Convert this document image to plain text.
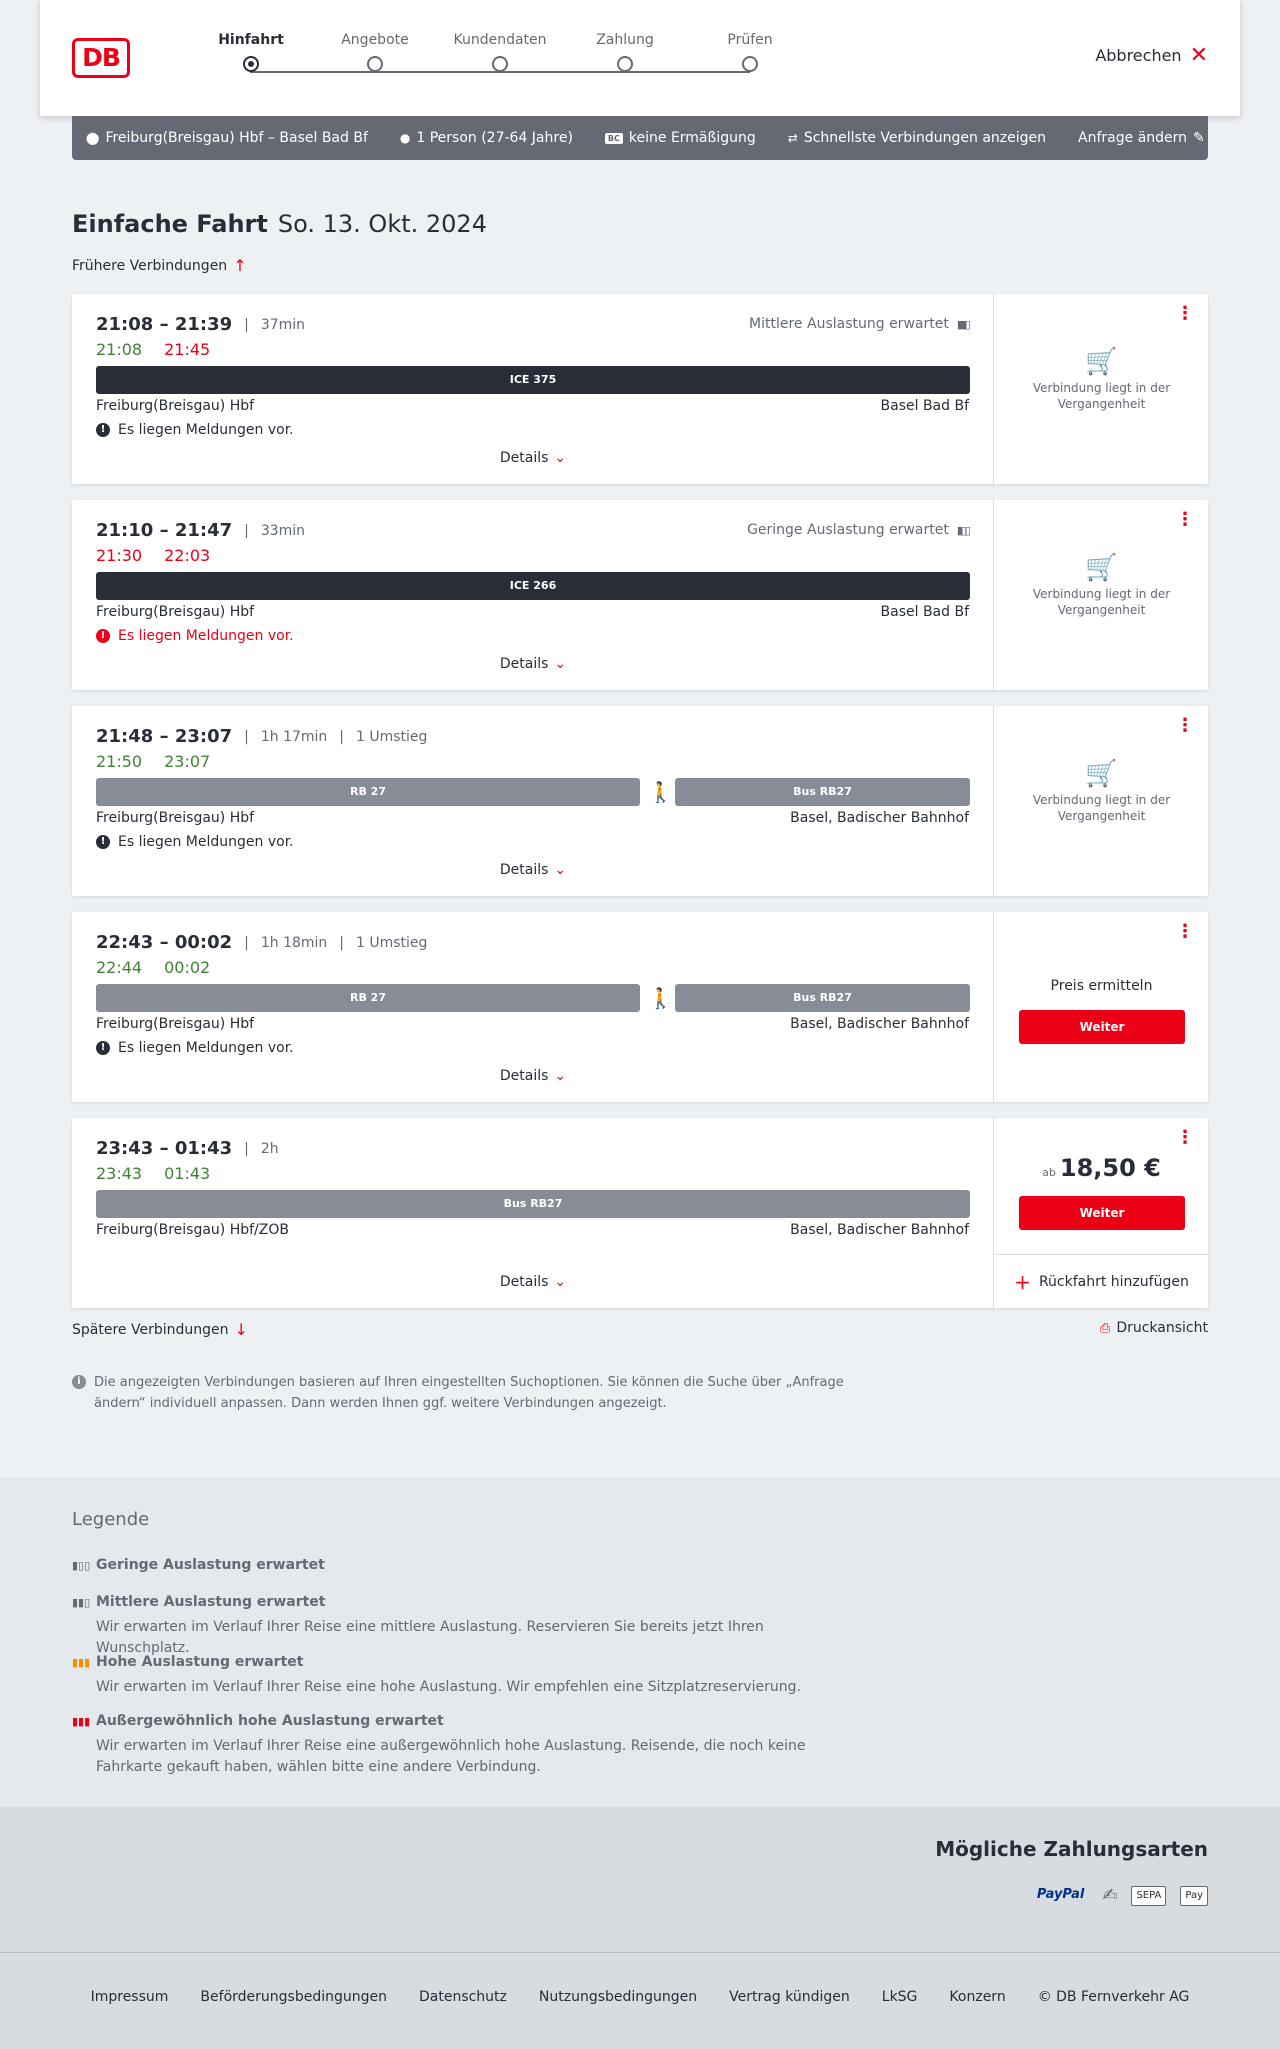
DB
Hinfahrt	Angebote	Kundendaten	Zahlung	Prüfen
Abbrechen ✕
⬤ Freiburg(Breisgau) Hbf – Basel Bad Bf	● 1 Person (27-64 Jahre)	BC keine Ermäßigung	⇄ Schnellste Verbindungen anzeigen Anfrage ändern ✎
Einfache Fahrt So. 13. Okt. 2024
Frühere Verbindungen ↑
21:08 – 21:39 | 37min
21:08 21:45
Mittlere Auslastung erwartet ▮▮▯
ICE 375
Freiburg(Breisgau) Hbf	Basel Bad Bf
! Es liegen Meldungen vor.
Details ⌄
⋮
🛒
Verbindung liegt in der Vergangenheit
21:10 – 21:47 | 33min
21:30 22:03
Geringe Auslastung erwartet ▮▯▯
ICE 266
Freiburg(Breisgau) Hbf	Basel Bad Bf
! Es liegen Meldungen vor.
Details ⌄
⋮
🛒
Verbindung liegt in der Vergangenheit
21:48 – 23:07 | 1h 17min | 1 Umstieg
21:50 23:07
RB 27	🚶	Bus RB27
Freiburg(Breisgau) Hbf	Basel, Badischer Bahnhof
! Es liegen Meldungen vor.
Details ⌄
⋮
🛒
Verbindung liegt in der Vergangenheit
22:43 – 00:02 | 1h 18min | 1 Umstieg
22:44 00:02
RB 27	🚶	Bus RB27
Freiburg(Breisgau) Hbf	Basel, Badischer Bahnhof
! Es liegen Meldungen vor.
Details ⌄
⋮
Preis ermitteln
Weiter
23:43 – 01:43 | 2h
23:43 01:43
Bus RB27
Freiburg(Breisgau) Hbf/ZOB	Basel, Badischer Bahnhof
Details ⌄
⋮
ab 18,50 €
Weiter
+ Rückfahrt hinzufügen
Spätere Verbindungen ↓	⎙ Druckansicht
i	Die angezeigten Verbindungen basieren auf Ihren eingestellten Suchoptionen. Sie können die Suche über „Anfrage ändern“ individuell anpassen. Dann werden Ihnen ggf. weitere Verbindungen angezeigt.
Legende
▮▯▯ Geringe Auslastung erwartet
▮▮▯ Mittlere Auslastung erwartet
Wir erwarten im Verlauf Ihrer Reise eine mittlere Auslastung. Reservieren Sie bereits jetzt Ihren Wunschplatz.
▮▮▮ Hohe Auslastung erwartet
Wir erwarten im Verlauf Ihrer Reise eine hohe Auslastung. Wir empfehlen eine Sitzplatzreservierung.
▮▮▮ Außergewöhnlich hohe Auslastung erwartet
Wir erwarten im Verlauf Ihrer Reise eine außergewöhnlich hohe Auslastung. Reisende, die noch keine Fahrkarte gekauft haben, wählen bitte eine andere Verbindung.
Mögliche Zahlungsarten
PayPal ✍	SEPA	Pay
Impressum Beförderungsbedingungen Datenschutz Nutzungsbedingungen Vertrag kündigen LkSG Konzern © DB Fernverkehr AG
